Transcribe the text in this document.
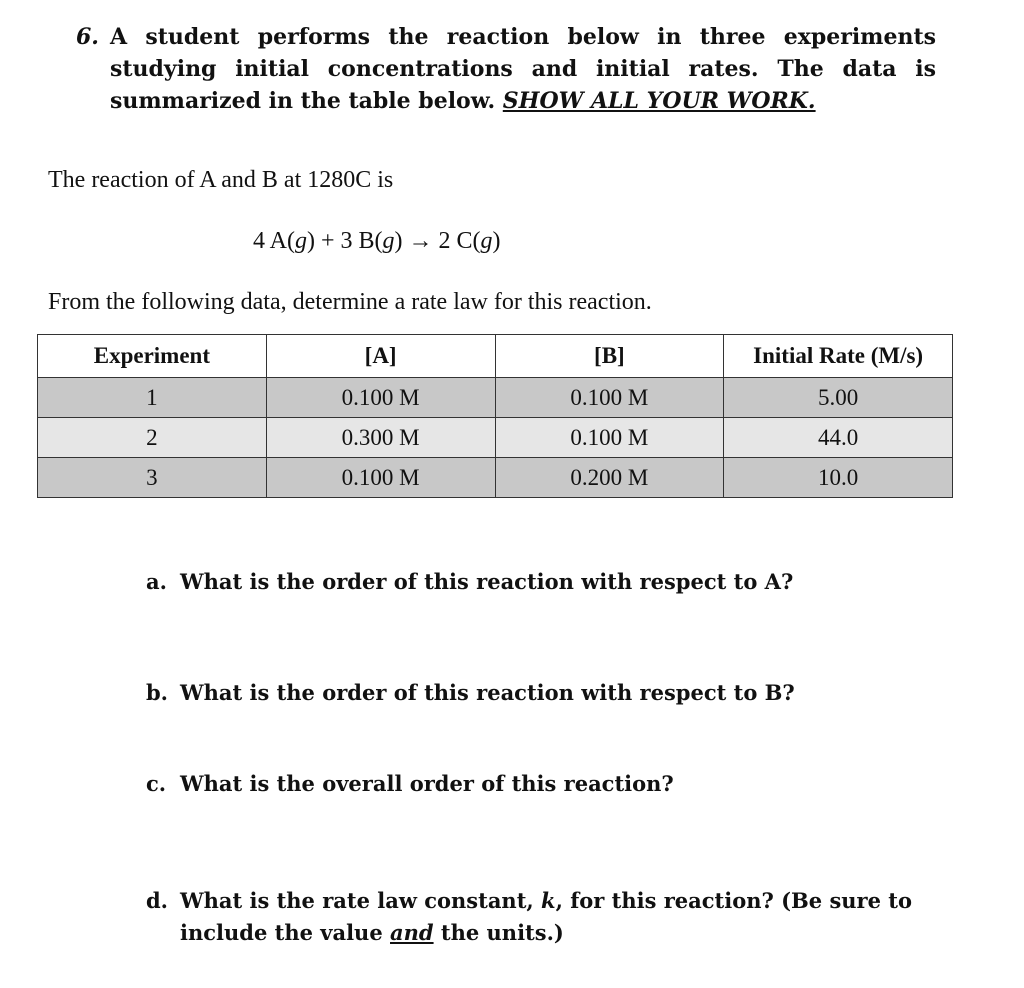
6. A student performs the reaction below in three experiments studying initial concentrations and initial rates. The data is summarized in the table below. SHOW ALL YOUR WORK.
The reaction of A and B at 1280C is
4 A(g) + 3 B(g) → 2 C(g)
From the following data, determine a rate law for this reaction.
Experiment	[A]	[B]	Initial Rate (M/s)
1	0.100 M	0.100 M	5.00
2	0.300 M	0.100 M	44.0
3	0.100 M	0.200 M	10.0
a. What is the order of this reaction with respect to A?
b. What is the order of this reaction with respect to B?
c. What is the overall order of this reaction?
d. What is the rate law constant, k, for this reaction? (Be sure to include the value and the units.)
